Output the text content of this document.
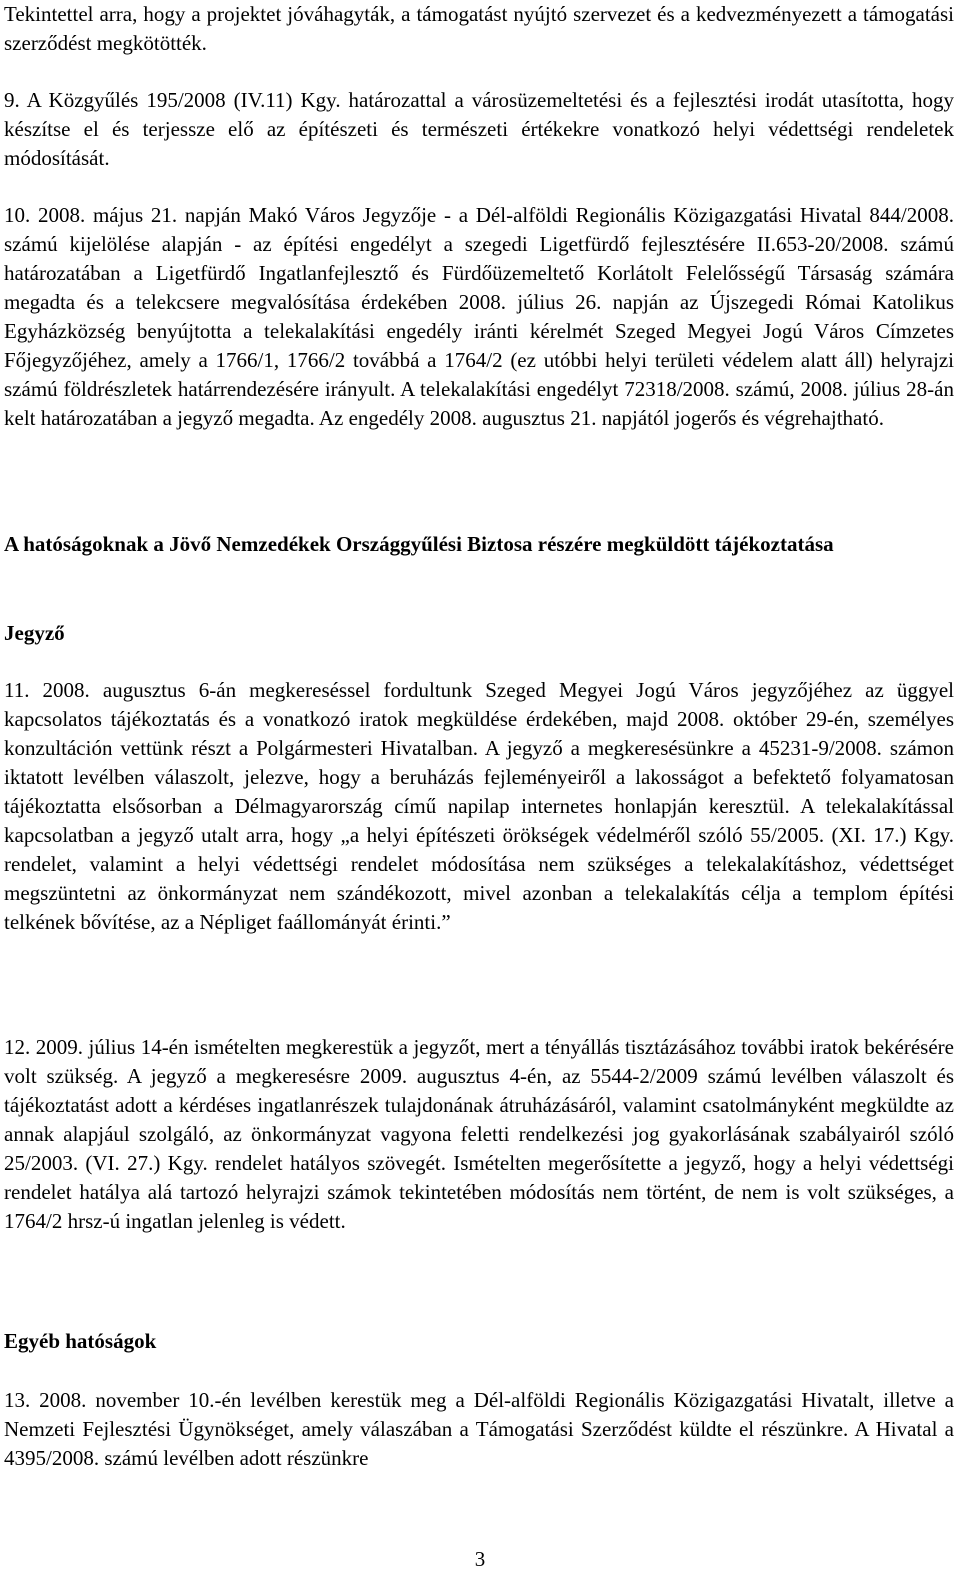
Tekintettel arra, hogy a projektet jóváhagyták, a támogatást nyújtó szervezet és a kedvezményezett a támogatási szerződést megkötötték.

9. A Közgyűlés 195/2008 (IV.11) Kgy. határozattal a városüzemeltetési és a fejlesztési irodát utasította, hogy készítse el és terjessze elő az építészeti és természeti értékekre vonatkozó helyi védettségi rendeletek módosítását.

10. 2008. május 21. napján Makó Város Jegyzője - a Dél-alföldi Regionális Közigazgatási Hivatal 844/2008. számú kijelölése alapján - az építési engedélyt a szegedi Ligetfürdő fejlesztésére II.653-20/2008. számú határozatában a Ligetfürdő Ingatlanfejlesztő és Fürdőüzemeltető Korlátolt Felelősségű Társaság számára megadta és a telekcsere megvalósítása érdekében 2008. július 26. napján az Újszegedi Római Katolikus Egyházközség benyújtotta a telekalakítási engedély iránti kérelmét Szeged Megyei Jogú Város Címzetes Főjegyzőjéhez, amely a 1766/1, 1766/2 továbbá a 1764/2 (ez utóbbi helyi területi védelem alatt áll) helyrajzi számú földrészletek határrendezésére irányult. A telekalakítási engedélyt 72318/2008. számú, 2008. július 28-án kelt határozatában a jegyző megadta. Az engedély 2008. augusztus 21. napjától jogerős és végrehajtható.

A hatóságoknak a Jövő Nemzedékek Országgyűlési Biztosa részére megküldött tájékoztatása
Jegyző

11. 2008. augusztus 6-án megkereséssel fordultunk Szeged Megyei Jogú Város jegyzőjéhez az üggyel kapcsolatos tájékoztatás és a vonatkozó iratok megküldése érdekében, majd 2008. október 29-én, személyes konzultáción vettünk részt a Polgármesteri Hivatalban. A jegyző a megkeresésünkre a 45231-9/2008. számon iktatott levélben válaszolt, jelezve, hogy a beruházás fejleményeiről a lakosságot a befektető folyamatosan tájékoztatta elsősorban a Délmagyarország című napilap internetes honlapján keresztül. A telekalakítással kapcsolatban a jegyző utalt arra, hogy „a helyi építészeti örökségek védelméről szóló 55/2005. (XI. 17.) Kgy. rendelet, valamint a helyi védettségi rendelet módosítása nem szükséges a telekalakításhoz, védettséget megszüntetni az önkormányzat nem szándékozott, mivel azonban a telekalakítás célja a templom építési telkének bővítése, az a Népliget faállományát érinti.”

12. 2009. július 14-én ismételten megkerestük a jegyzőt, mert a tényállás tisztázásához további iratok bekérésére volt szükség. A jegyző a megkeresésre 2009. augusztus 4-én, az 5544-2/2009 számú levélben válaszolt és tájékoztatást adott a kérdéses ingatlanrészek tulajdonának átruházásáról, valamint csatolmányként megküldte az annak alapjául szolgáló, az önkormányzat vagyona feletti rendelkezési jog gyakorlásának szabályairól szóló 25/2003. (VI. 27.) Kgy. rendelet hatályos szövegét. Ismételten megerősítette a jegyző, hogy a helyi védettségi rendelet hatálya alá tartozó helyrajzi számok tekintetében módosítás nem történt, de nem is volt szükséges, a 1764/2 hrsz-ú ingatlan jelenleg is védett.

Egyéb hatóságok

13. 2008. november 10.-én levélben kerestük meg a Dél-alföldi Regionális Közigazgatási Hivatalt, illetve a Nemzeti Fejlesztési Ügynökséget, amely válaszában a Támogatási Szerződést küldte el részünkre. A Hivatal a 4395/2008. számú levélben adott részünkre

3
